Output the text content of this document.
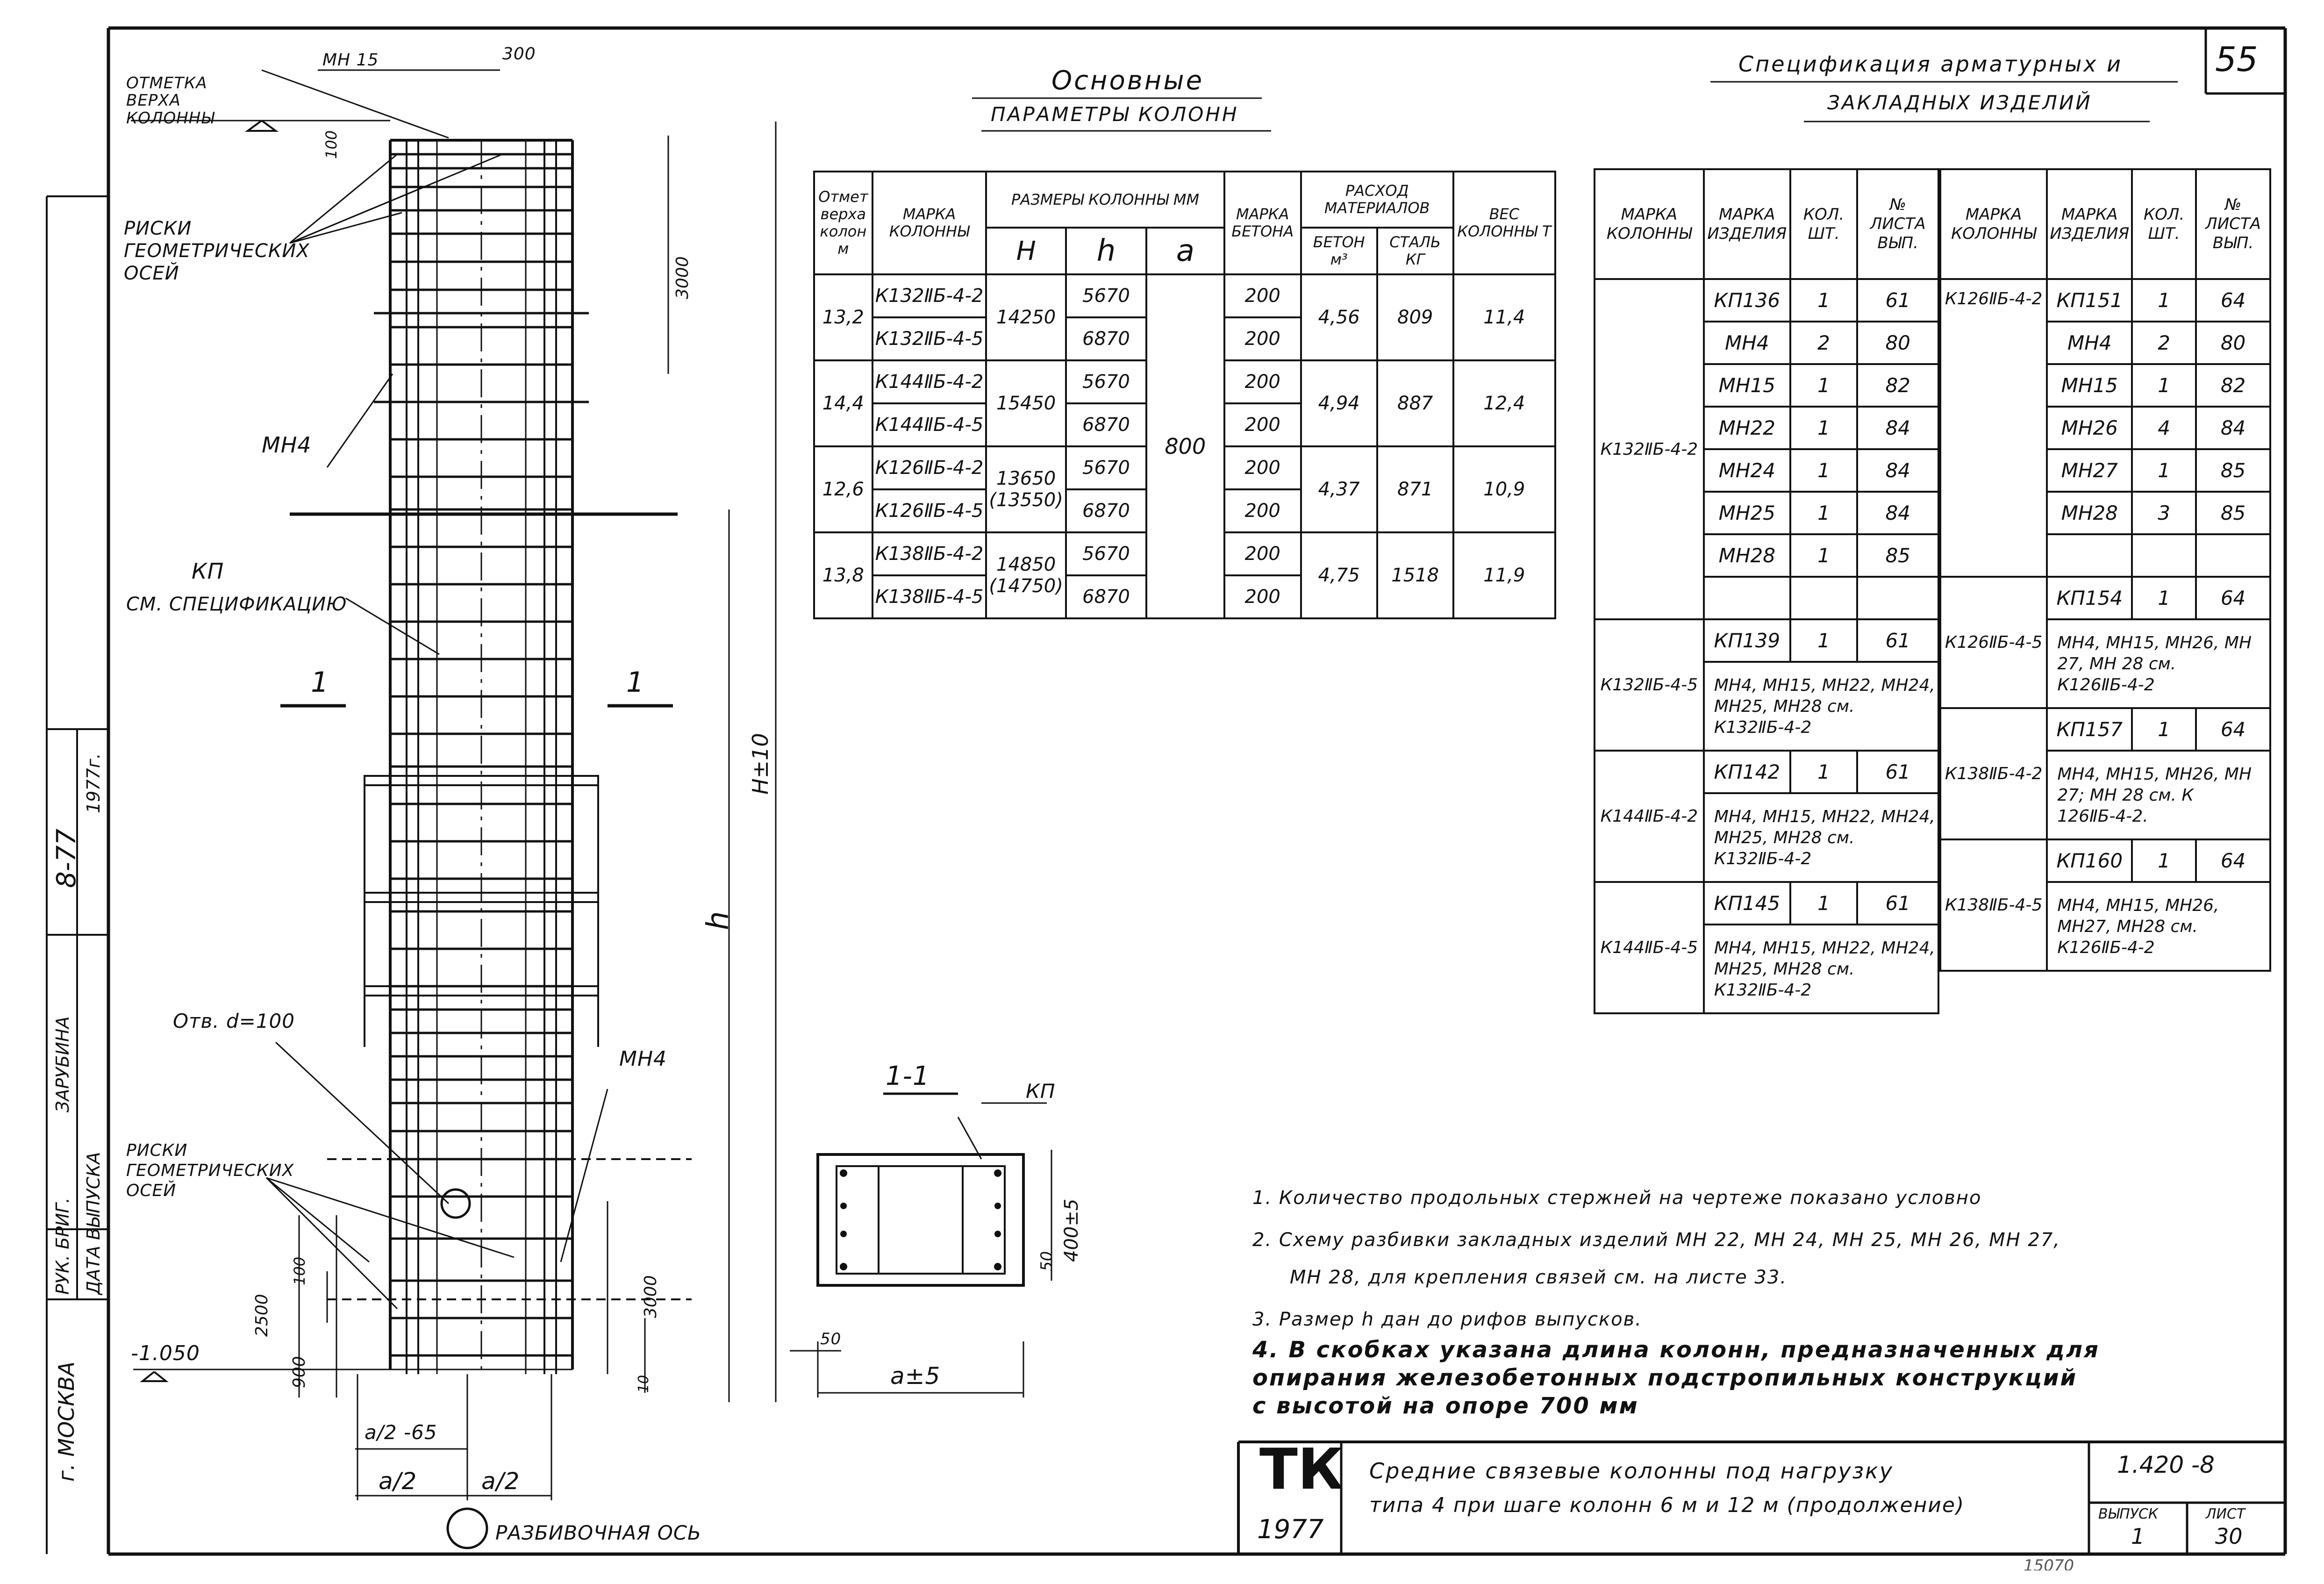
55
г. МОСКВА
РУК. БРИГ. ДАТА ВЫПУСКА
ЗАРУБИНА
1977г.
8-77
ОТМЕТКА ВЕРХА КОЛОННЫ
МН 15	300
100
РИСКИ ГЕОМЕТРИЧЕСКИХ ОСЕЙ	3000
МН4
КП
СМ. СПЕЦИФИКАЦИЮ
1	1
H±10
h
Отв. d=100
МН4
РИСКИ ГЕОМЕТРИЧЕСКИХ ОСЕЙ
100
2500	3000
900	10
-1.050
a/2 -65
a/2	a/2
РАЗБИВОЧНАЯ ОСЬ
1-1	КП
400±5
50
50
a±5
Основные
ПАРАМЕТРЫ КОЛОНН
Отмет верха колон м	МАРКА КОЛОННЫ	РАЗМЕРЫ КОЛОННЫ ММ			МАРКА БЕТОНА	РАСХОД МАТЕРИАЛОВ		ВЕС КОЛОННЫ Т
		H	h	a		БЕТОН м³	СТАЛЬ КГ	
13,2	К132ⅡБ-4-2	14250	5670	800	200	4,56	809	11,4
	К132ⅡБ-4-5		6870		200			
14,4	К144ⅡБ-4-2	15450	5670		200	4,94	887	12,4
	К144ⅡБ-4-5		6870		200			
12,6	К126ⅡБ-4-2	13650 (13550)	5670		200	4,37	871	10,9
	К126ⅡБ-4-5		6870		200			
13,8	К138ⅡБ-4-2	14850 (14750)	5670		200	4,75	1518	11,9
	К138ⅡБ-4-5		6870		200			
Спецификация арматурных и
ЗАКЛАДНЫХ ИЗДЕЛИЙ
МАРКА КОЛОННЫ	МАРКА ИЗДЕЛИЯ	КОЛ. ШТ.	№ ЛИСТА ВЫП.
К132ⅡБ-4-2	КП136	1	61
	МН4	2	80
	МН15	1	82
	МН22	1	84
	МН24	1	84
	МН25	1	84
	МН28	1	85

К132ⅡБ-4-5	КП139	1	61
	МН4, МН15, МН22, МН24, МН25, МН28 см. К132ⅡБ-4-2		
К144ⅡБ-4-2	КП142	1	61
	МН4, МН15, МН22, МН24, МН25, МН28 см. К132ⅡБ-4-2		
К144ⅡБ-4-5	КП145	1	61
	МН4, МН15, МН22, МН24, МН25, МН28 см. К132ⅡБ-4-2		
МАРКА КОЛОННЫ	МАРКА ИЗДЕЛИЯ	КОЛ. ШТ.	№ ЛИСТА ВЫП.
К126ⅡБ-4-2	КП151	1	64
	МН4	2	80
	МН15	1	82
	МН26	4	84
	МН27	1	85
	МН28	3	85

К126ⅡБ-4-5	КП154	1	64
	МН4, МН15, МН26, МН 27, МН 28 см. К126ⅡБ-4-2		
К138ⅡБ-4-2	КП157	1	64
	МН4, МН15, МН26, МН 27; МН 28 см. К 126ⅡБ-4-2.		
К138ⅡБ-4-5	КП160	1	64
	МН4, МН15, МН26, МН27, МН28 см. К126ⅡБ-4-2		
1. Количество продольных стержней на чертеже показано условно
2. Схему разбивки закладных изделий МН 22, МН 24, МН 25, МН 26, МН 27,
МН 28, для крепления связей см. на листе 33.
3. Размер h дан до рифов выпусков.
4. В скобках указана длина колонн, предназначенных для
опирания железобетонных подстропильных конструкций
с высотой на опоре 700 мм
ТК
1977
Средние связевые колонны под нагрузку
типа 4 при шаге колонн 6 м и 12 м (продолжение)
1.420 -8
ВЫПУСК
1
ЛИСТ
30
15070
